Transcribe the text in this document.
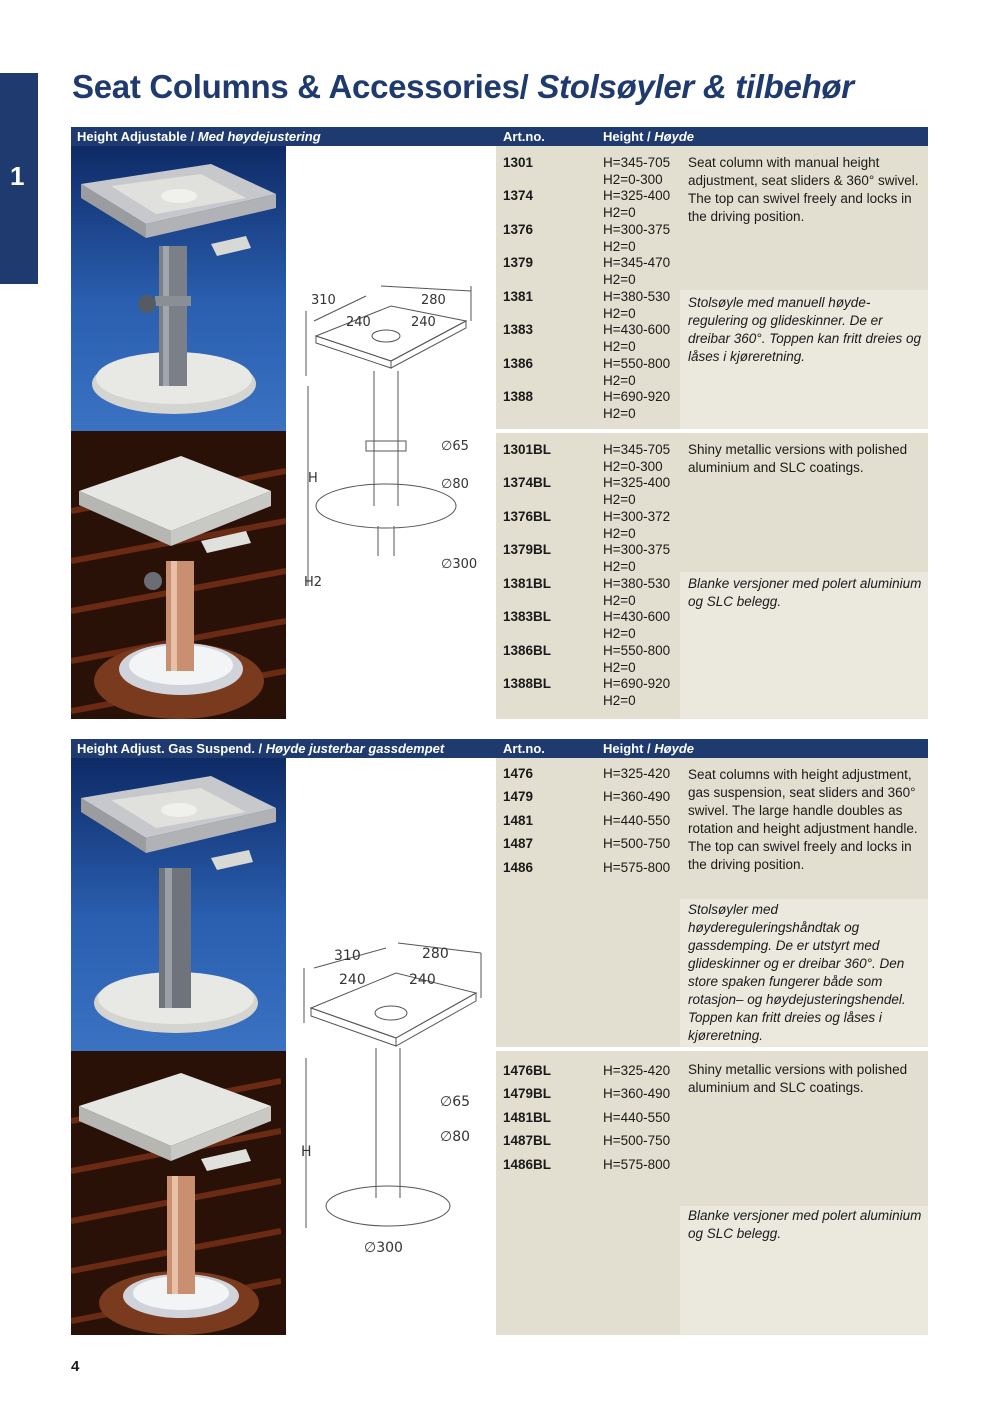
1
Seat Columns & Accessories/ Stolsøyler & tilbehør
Height Adjustable / Med høydejustering	Art.no.	Height / Høyde
310	280
240	240
∅65
∅80
∅300
H
H2
1301	H=345-705
H2=0-300
1374	H=325-400
H2=0
1376	H=300-375
H2=0
1379	H=345-470
H2=0
1381	H=380-530
H2=0
1383	H=430-600
H2=0
1386	H=550-800
H2=0
1388	H=690-920
H2=0
Seat column with manual height adjustment, seat sliders & 360° swivel. The top can swivel freely and locks in the driving position.
Stolsøyle med manuell høyde-regulering og glideskinner. De er dreibar 360°. Toppen kan fritt dreies og låses i kjøreretning.
1301BL	H=345-705
H2=0-300
1374BL	H=325-400
H2=0
1376BL	H=300-372
H2=0
1379BL	H=300-375
H2=0
1381BL	H=380-530
H2=0
1383BL	H=430-600
H2=0
1386BL	H=550-800
H2=0
1388BL	H=690-920
H2=0
Shiny metallic versions with polished aluminium and SLC coatings.
Blanke versjoner med polert aluminium og SLC belegg.
Height Adjust. Gas Suspend. / Høyde justerbar gassdempet	Art.no.	Height / Høyde
310	280
240	240
∅65
∅80
∅300
H
1476	H=325-420
1479	H=360-490
1481	H=440-550
1487	H=500-750
1486	H=575-800
Seat columns with height adjustment, gas suspension, seat sliders and 360° swivel. The large handle doubles as rotation and height adjustment handle. The top can swivel freely and locks in the driving position.
Stolsøyler med høydereguleringshåndtak og gassdemping. De er utstyrt med glideskinner og er dreibar 360°. Den store spaken fungerer både som rotasjon– og høydejusteringshendel. Toppen kan fritt dreies og låses i kjøreretning.
1476BL	H=325-420
1479BL	H=360-490
1481BL	H=440-550
1487BL	H=500-750
1486BL	H=575-800
Shiny metallic versions with polished aluminium and SLC coatings.
Blanke versjoner med polert aluminium og SLC belegg.
4
